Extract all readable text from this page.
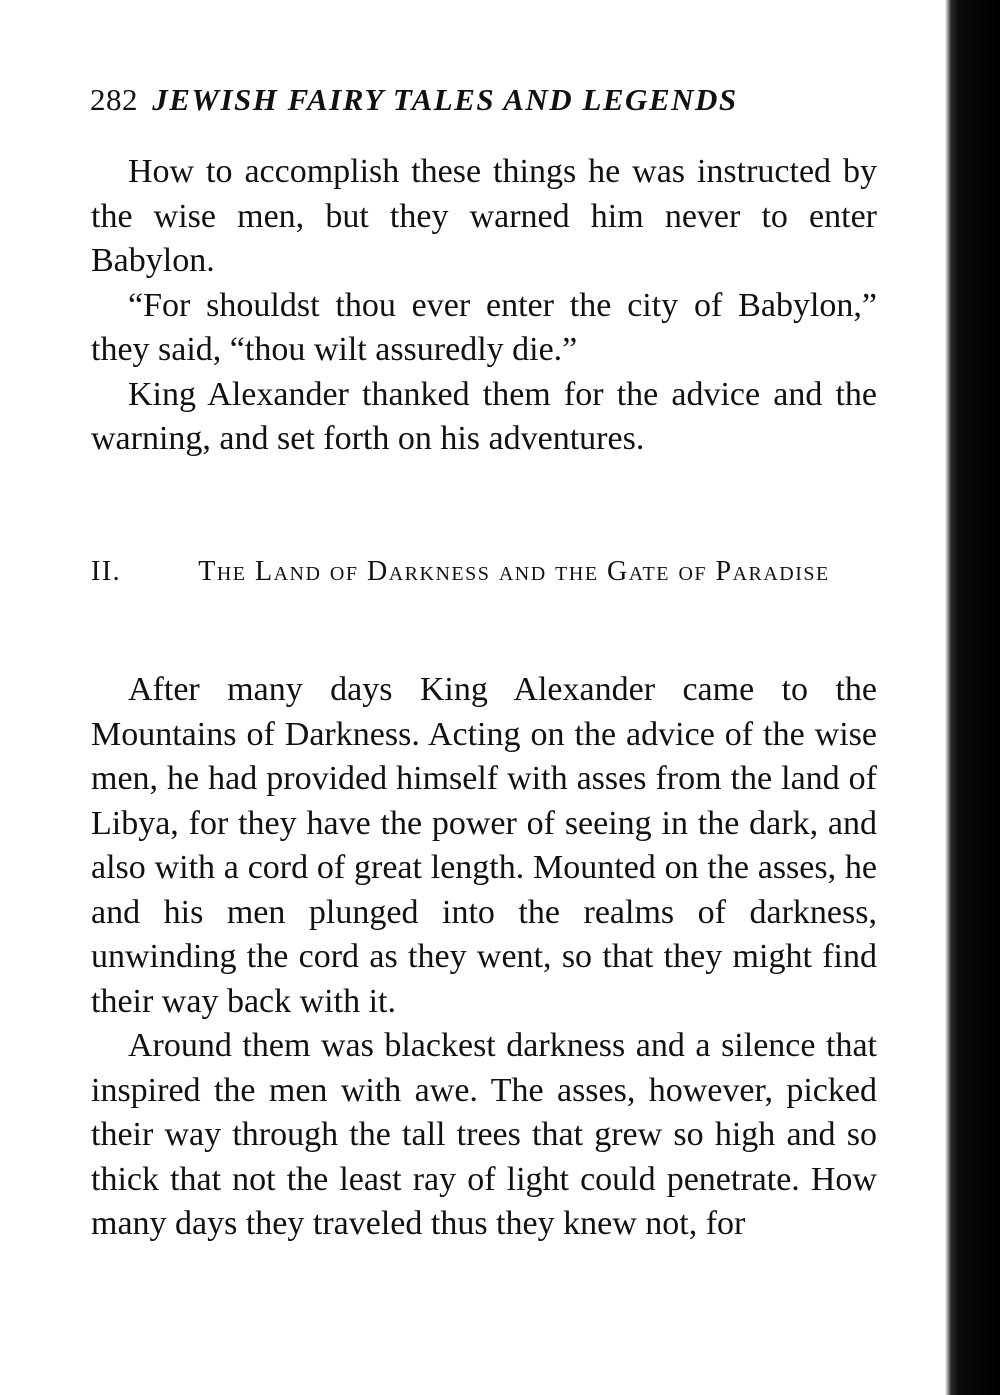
282 JEWISH FAIRY TALES AND LEGENDS

How to accomplish these things he was instructed by the wise men, but they warned him never to enter Babylon.

“For shouldst thou ever enter the city of Babylon,” they said, “thou wilt assuredly die.”

King Alexander thanked them for the advice and the warning, and set forth on his adventures.

II.	The Land of Darkness and the Gate of Paradise

After many days King Alexander came to the Mountains of Darkness. Acting on the advice of the wise men, he had provided himself with asses from the land of Libya, for they have the power of seeing in the dark, and also with a cord of great length. Mounted on the asses, he and his men plunged into the realms of darkness, unwinding the cord as they went, so that they might find their way back with it.

Around them was blackest darkness and a silence that inspired the men with awe. The asses, however, picked their way through the tall trees that grew so high and so thick that not the least ray of light could penetrate. How many days they traveled thus they knew not, for
